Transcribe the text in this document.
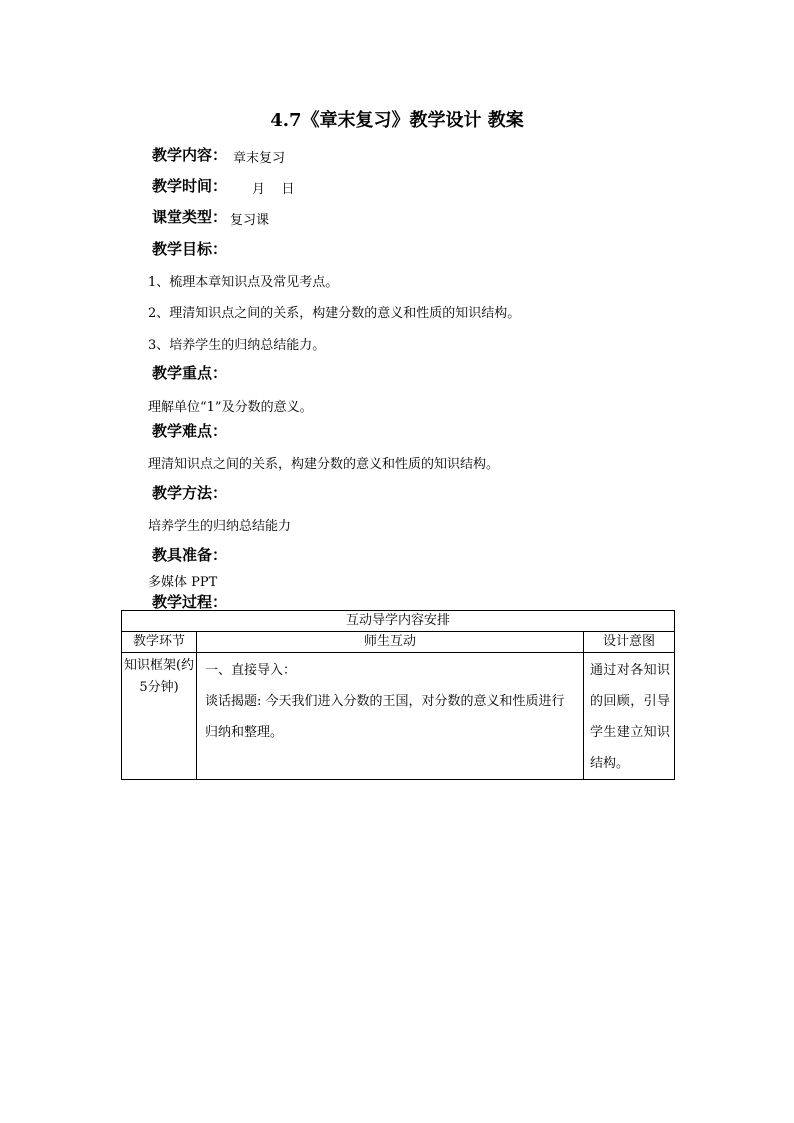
4.7《章末复习》教学设计 教案
教学内容： 章末复习
教学时间： 月    日
课堂类型： 复习课
教学目标：
1、梳理本章知识点及常见考点。
2、理清知识点之间的关系，构建分数的意义和性质的知识结构。
3、培养学生的归纳总结能力。
教学重点：
理解单位“1”及分数的意义。
教学难点：
理清知识点之间的关系，构建分数的意义和性质的知识结构。
教学方法：
培养学生的归纳总结能力
教具准备：
多媒体 PPT
教学过程：
互动导学内容安排		
教学环节	师生互动	设计意图
知识框架(约5分钟)	一、直接导入：
谈话揭题: 今天我们进入分数的王国，对分数的意义和性质进行归纳和整理。	通过对各知识的回顾，引导学生建立知识结构。
